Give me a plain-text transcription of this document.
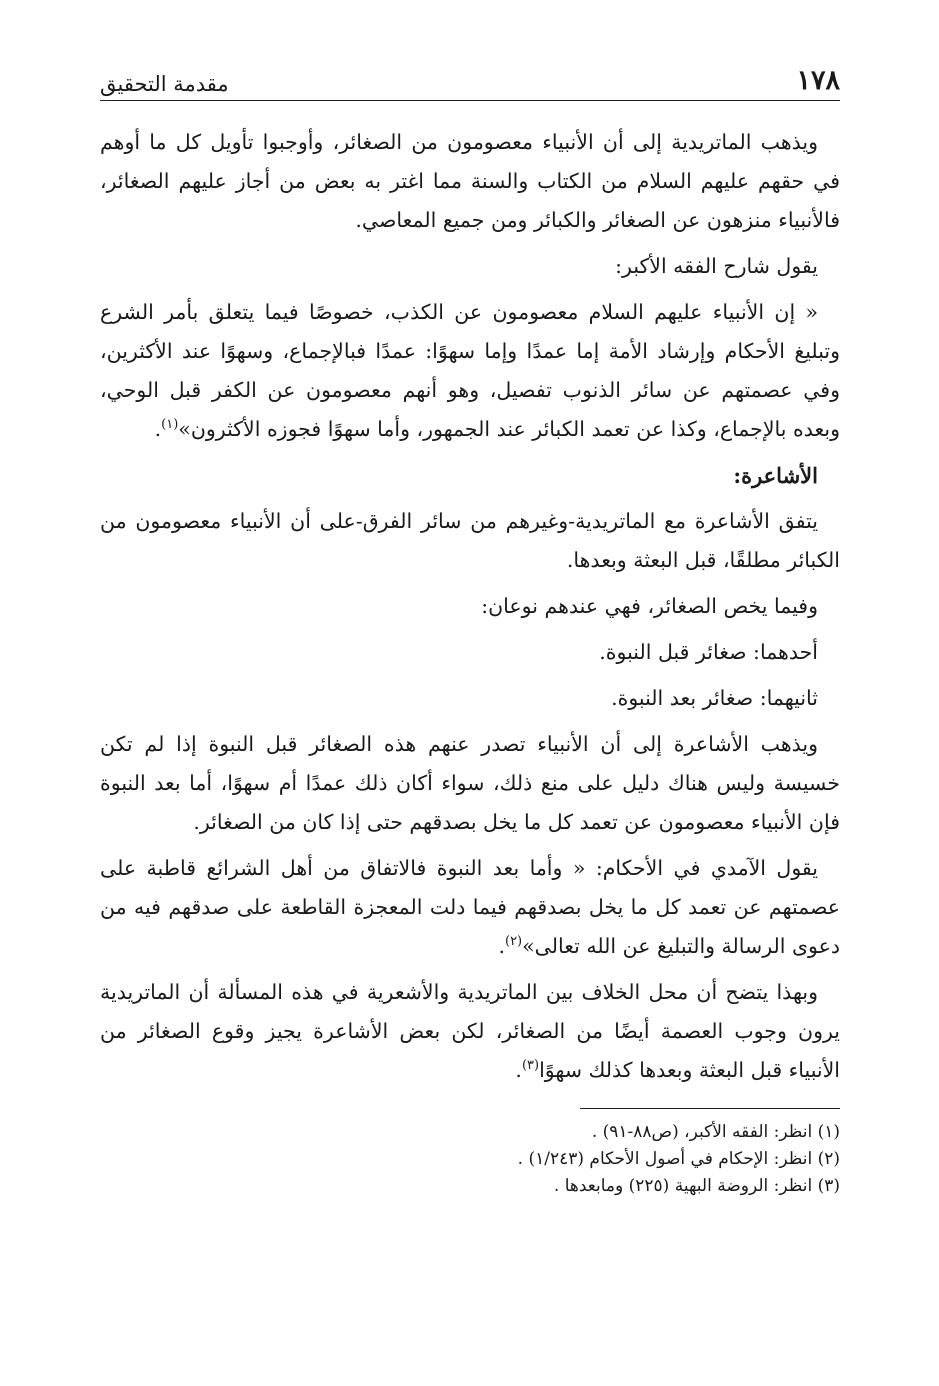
١٧٨
مقدمة التحقيق

ويذهب الماتريدية إلى أن الأنبياء معصومون من الصغائر، وأوجبوا تأويل كل ما أوهم في حقهم عليهم السلام من الكتاب والسنة مما اغتر به بعض من أجاز عليهم الصغائر، فالأنبياء منزهون عن الصغائر والكبائر ومن جميع المعاصي.

يقول شارح الفقه الأكبر:

« إن الأنبياء عليهم السلام معصومون عن الكذب، خصوصًا فيما يتعلق بأمر الشرع وتبليغ الأحكام وإرشاد الأمة إما عمدًا وإما سهوًا: عمدًا فبالإجماع، وسهوًا عند الأكثرين، وفي عصمتهم عن سائر الذنوب تفصيل، وهو أنهم معصومون عن الكفر قبل الوحي، وبعده بالإجماع، وكذا عن تعمد الكبائر عند الجمهور، وأما سهوًا فجوزه الأكثرون»$^{(١)}$.

الأشاعرة:

يتفق الأشاعرة مع الماتريدية-وغيرهم من سائر الفرق-على أن الأنبياء معصومون من الكبائر مطلقًا، قبل البعثة وبعدها.

وفيما يخص الصغائر، فهي عندهم نوعان:

أحدهما: صغائر قبل النبوة.

ثانيهما: صغائر بعد النبوة.

ويذهب الأشاعرة إلى أن الأنبياء تصدر عنهم هذه الصغائر قبل النبوة إذا لم تكن خسيسة وليس هناك دليل على منع ذلك، سواء أكان ذلك عمدًا أم سهوًا، أما بعد النبوة فإن الأنبياء معصومون عن تعمد كل ما يخل بصدقهم حتى إذا كان من الصغائر.

يقول الآمدي في الأحكام: « وأما بعد النبوة فالاتفاق من أهل الشرائع قاطبة على عصمتهم عن تعمد كل ما يخل بصدقهم فيما دلت المعجزة القاطعة على صدقهم فيه من دعوى الرسالة والتبليغ عن الله تعالى»$^{(٢)}$.

وبهذا يتضح أن محل الخلاف بين الماتريدية والأشعرية في هذه المسألة أن الماتريدية يرون وجوب العصمة أيضًا من الصغائر، لكن بعض الأشاعرة يجيز وقوع الصغائر من الأنبياء قبل البعثة وبعدها كذلك سهوًا$^{(٣)}$.

(١) انظر: الفقه الأكبر، (ص٨٨-٩١) .
(٢) انظر: الإحكام في أصول الأحكام (١/٢٤٣) .
(٣) انظر: الروضة البهية (٢٢٥) ومابعدها .
